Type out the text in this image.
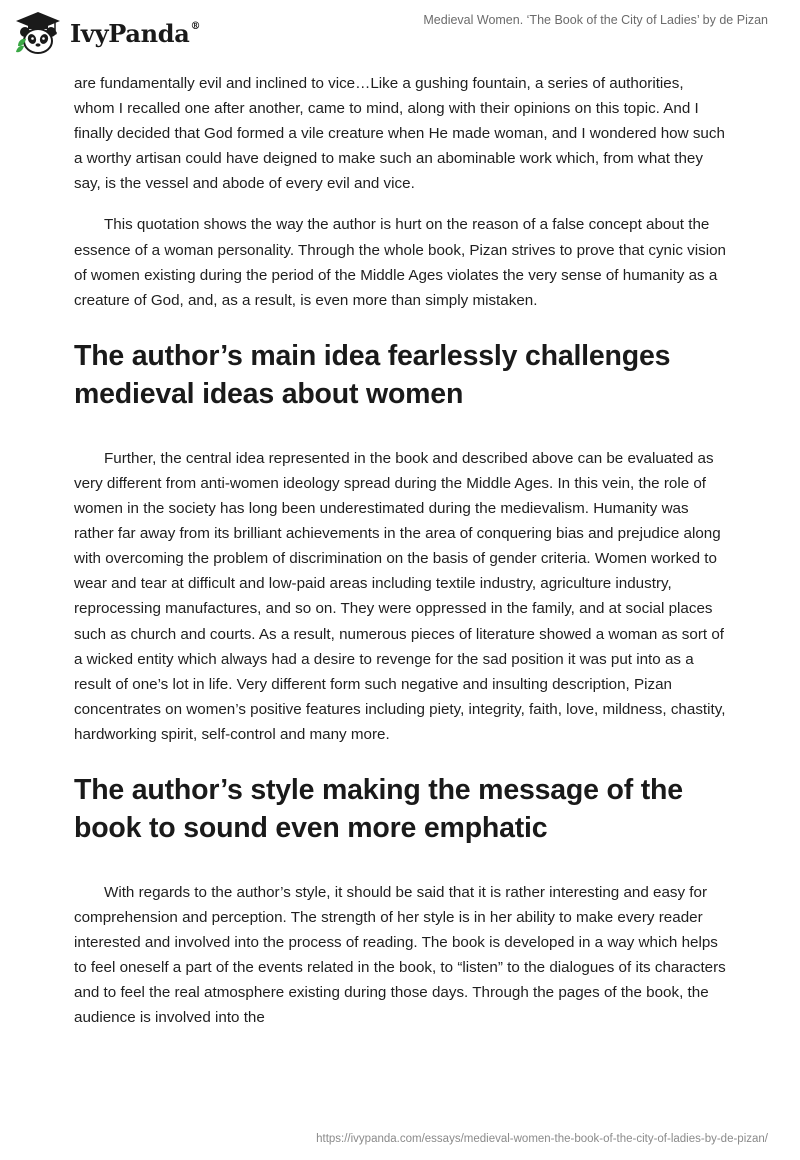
IvyPanda®	Medieval Women. ‘The Book of the City of Ladies’ by de Pizan

are fundamentally evil and inclined to vice…Like a gushing fountain, a series of authorities, whom I recalled one after another, came to mind, along with their opinions on this topic. And I finally decided that God formed a vile creature when He made woman, and I wondered how such a worthy artisan could have deigned to make such an abominable work which, from what they say, is the vessel and abode of every evil and vice.

This quotation shows the way the author is hurt on the reason of a false concept about the essence of a woman personality. Through the whole book, Pizan strives to prove that cynic vision of women existing during the period of the Middle Ages violates the very sense of humanity as a creature of God, and, as a result, is even more than simply mistaken.

The author’s main idea fearlessly challenges medieval ideas about women

Further, the central idea represented in the book and described above can be evaluated as very different from anti-women ideology spread during the Middle Ages. In this vein, the role of women in the society has long been underestimated during the medievalism. Humanity was rather far away from its brilliant achievements in the area of conquering bias and prejudice along with overcoming the problem of discrimination on the basis of gender criteria. Women worked to wear and tear at difficult and low-paid areas including textile industry, agriculture industry, reprocessing manufactures, and so on. They were oppressed in the family, and at social places such as church and courts. As a result, numerous pieces of literature showed a woman as sort of a wicked entity which always had a desire to revenge for the sad position it was put into as a result of one’s lot in life. Very different form such negative and insulting description, Pizan concentrates on women’s positive features including piety, integrity, faith, love, mildness, chastity, hardworking spirit, self-control and many more.

The author’s style making the message of the book to sound even more emphatic

With regards to the author’s style, it should be said that it is rather interesting and easy for comprehension and perception. The strength of her style is in her ability to make every reader interested and involved into the process of reading. The book is developed in a way which helps to feel oneself a part of the events related in the book, to “listen” to the dialogues of its characters and to feel the real atmosphere existing during those days. Through the pages of the book, the audience is involved into the

https://ivypanda.com/essays/medieval-women-the-book-of-the-city-of-ladies-by-de-pizan/
